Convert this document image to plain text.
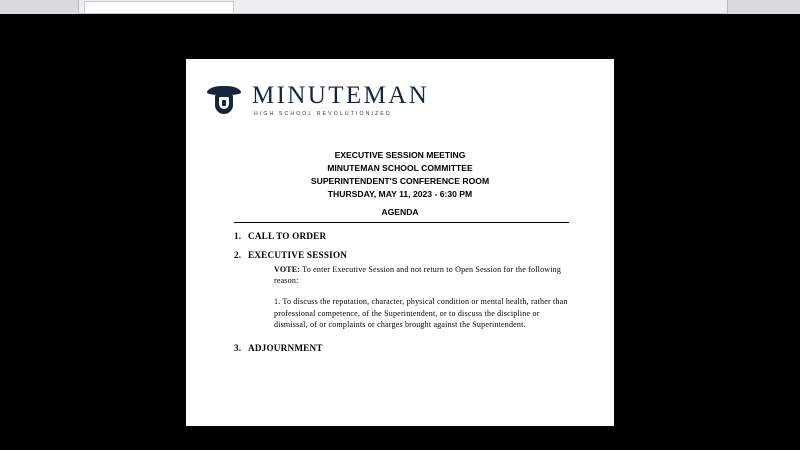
MINUTEMAN
HIGH SCHOOL REVOLUTIONIZED
EXECUTIVE SESSION MEETING
MINUTEMAN SCHOOL COMMITTEE
SUPERINTENDENT'S CONFERENCE ROOM
THURSDAY, MAY 11, 2023 - 6:30 PM
AGENDA
1. CALL TO ORDER
2. EXECUTIVE SESSION
VOTE: To enter Executive Session and not return to Open Session for the following reason:
1. To discuss the reputation, character, physical condition or mental health, rather than professional competence, of the Superintendent, or to discuss the discipline or dismissal, of or complaints or charges brought against the Superintendent.
3. ADJOURNMENT
